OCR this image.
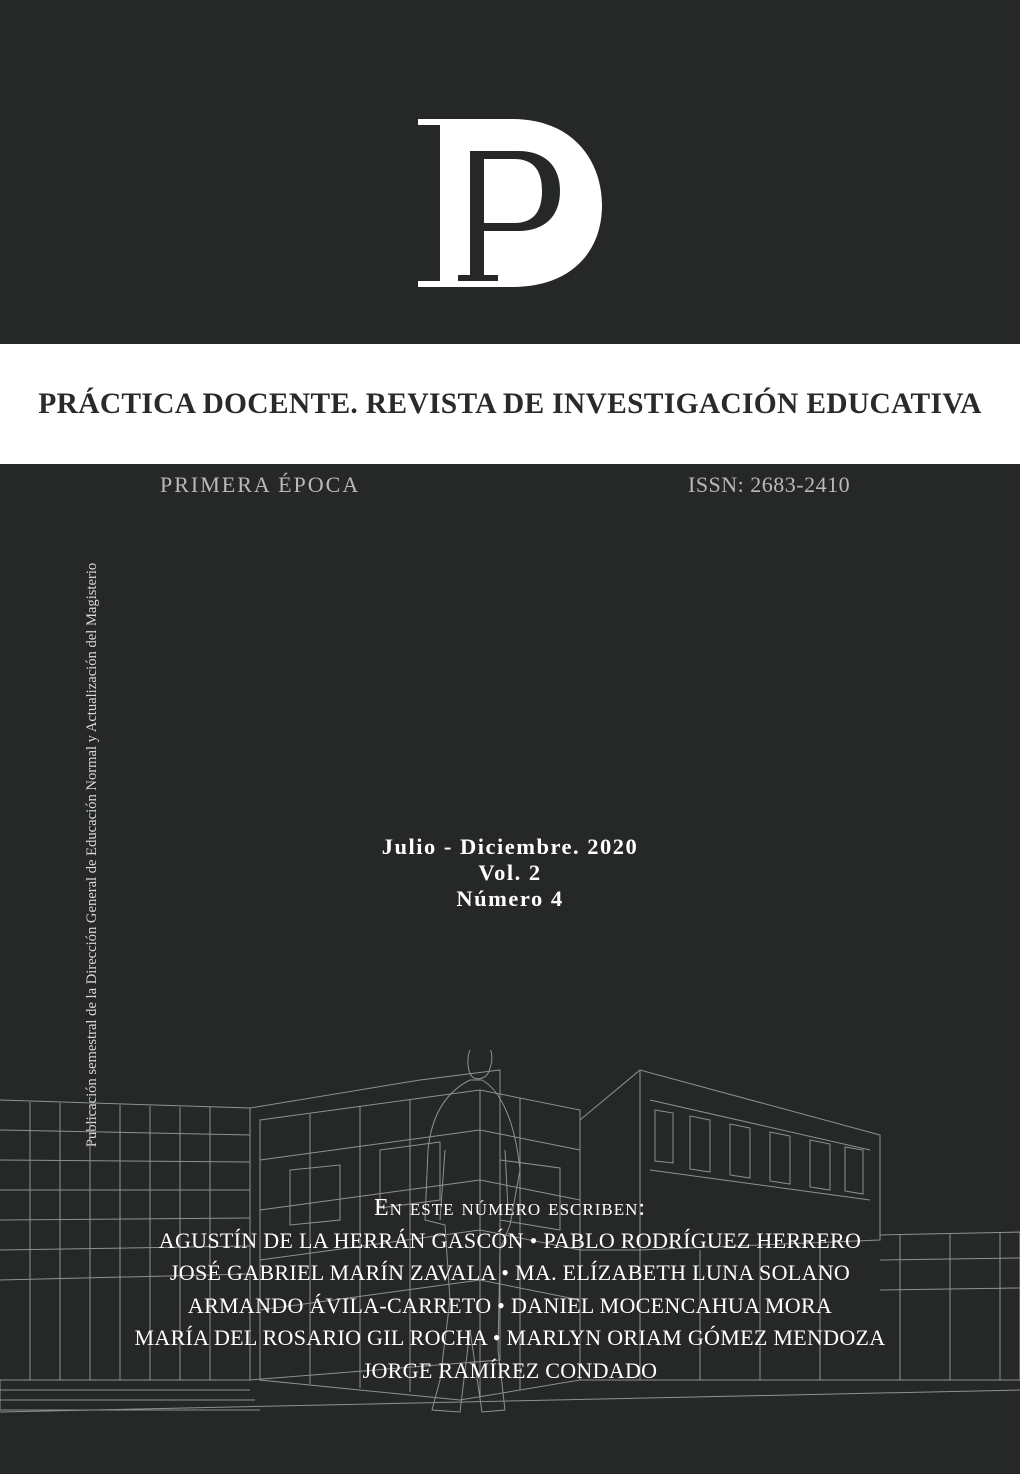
PRÁCTICA DOCENTE. REVISTA DE INVESTIGACIÓN EDUCATIVA
PRIMERA ÉPOCA	ISSN: 2683-2410
Publicación semestral de la Dirección General de Educación Normal y Actualización del Magisterio	Julio - Diciembre. 2020
Vol. 2
Número 4
En este número escriben:
AGUSTÍN DE LA HERRÁN GASCÓN • PABLO RODRÍGUEZ HERRERO
JOSÉ GABRIEL MARÍN ZAVALA • MA. ELÍZABETH LUNA SOLANO
ARMANDO ÁVILA-CARRETO • DANIEL MOCENCAHUA MORA
MARÍA DEL ROSARIO GIL ROCHA • MARLYN ORIAM GÓMEZ MENDOZA
JORGE RAMÍREZ CONDADO
